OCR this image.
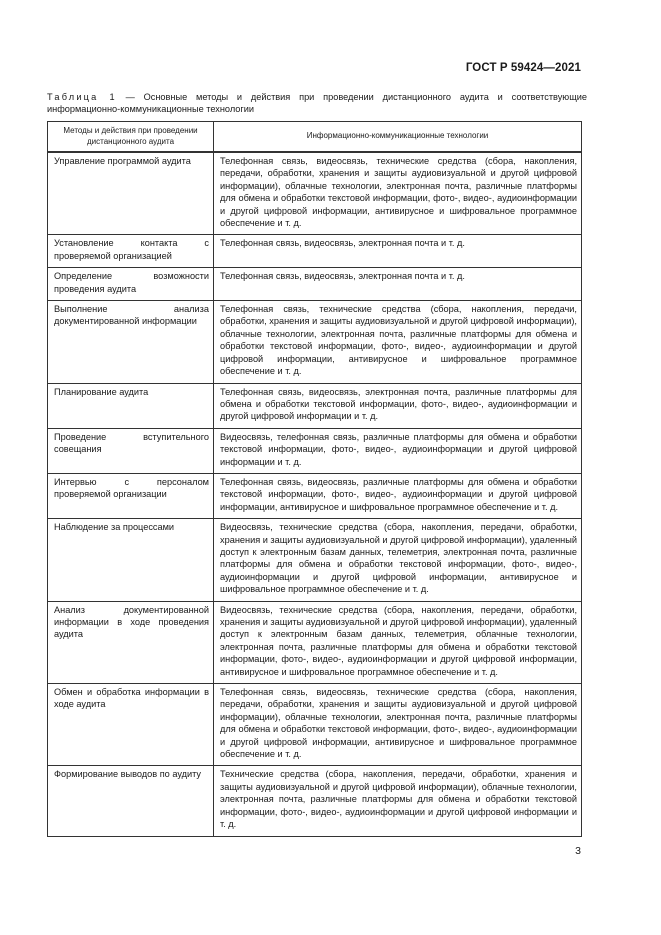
ГОСТ Р 59424—2021
Таблица 1 — Основные методы и действия при проведении дистанционного аудита и соответствующие информационно-коммуникационные технологии
Методы и действия при проведении дистанционного аудита	Информационно-коммуникационные технологии
Управление программой аудита	Телефонная связь, видеосвязь, технические средства (сбора, накопления, передачи, обработки, хранения и защиты аудиовизуальной и другой цифровой информации), облачные технологии, электронная почта, различные платформы для обмена и обработки текстовой информации, фото-, видео-, аудиоинформации и другой цифровой информации, антивирусное и шифровальное программное обеспечение и т. д.
Установление контакта с проверяемой организацией	Телефонная связь, видеосвязь, электронная почта и т. д.
Определение возможности проведения аудита	Телефонная связь, видеосвязь, электронная почта и т. д.
Выполнение анализа документированной информации	Телефонная связь, технические средства (сбора, накопления, передачи, обработки, хранения и защиты аудиовизуальной и другой цифровой информации), облачные технологии, электронная почта, различные платформы для обмена и обработки текстовой информации, фото-, видео-, аудиоинформации и другой цифровой информации, антивирусное и шифровальное программное обеспечение и т. д.
Планирование аудита	Телефонная связь, видеосвязь, электронная почта, различные платформы для обмена и обработки текстовой информации, фото-, видео-, аудиоинформации и другой цифровой информации и т. д.
Проведение вступительного совещания	Видеосвязь, телефонная связь, различные платформы для обмена и обработки текстовой информации, фото-, видео-, аудиоинформации и другой цифровой информации и т. д.
Интервью с персоналом проверяемой организации	Телефонная связь, видеосвязь, различные платформы для обмена и обработки текстовой информации, фото-, видео-, аудиоинформации и другой цифровой информации, антивирусное и шифровальное программное обеспечение и т. д.
Наблюдение за процессами	Видеосвязь, технические средства (сбора, накопления, передачи, обработки, хранения и защиты аудиовизуальной и другой цифровой информации), удаленный доступ к электронным базам данных, телеметрия, электронная почта, различные платформы для обмена и обработки текстовой информации, фото-, видео-, аудиоинформации и другой цифровой информации, антивирусное и шифровальное программное обеспечение и т. д.
Анализ документированной информации в ходе проведения аудита	Видеосвязь, технические средства (сбора, накопления, передачи, обработки, хранения и защиты аудиовизуальной и другой цифровой информации), удаленный доступ к электронным базам данных, телеметрия, облачные технологии, электронная почта, различные платформы для обмена и обработки текстовой информации, фото-, видео-, аудиоинформации и другой цифровой информации, антивирусное и шифровальное программное обеспечение и т. д.
Обмен и обработка информации в ходе аудита	Телефонная связь, видеосвязь, технические средства (сбора, накопления, передачи, обработки, хранения и защиты аудиовизуальной и другой цифровой информации), облачные технологии, электронная почта, различные платформы для обмена и обработки текстовой информации, фото-, видео-, аудиоинформации и другой цифровой информации, антивирусное и шифровальное программное обеспечение и т. д.
Формирование выводов по аудиту	Технические средства (сбора, накопления, передачи, обработки, хранения и защиты аудиовизуальной и другой цифровой информации), облачные технологии, электронная почта, различные платформы для обмена и обработки текстовой информации, фото-, видео-, аудиоинформации и другой цифровой информации и т. д.
3
